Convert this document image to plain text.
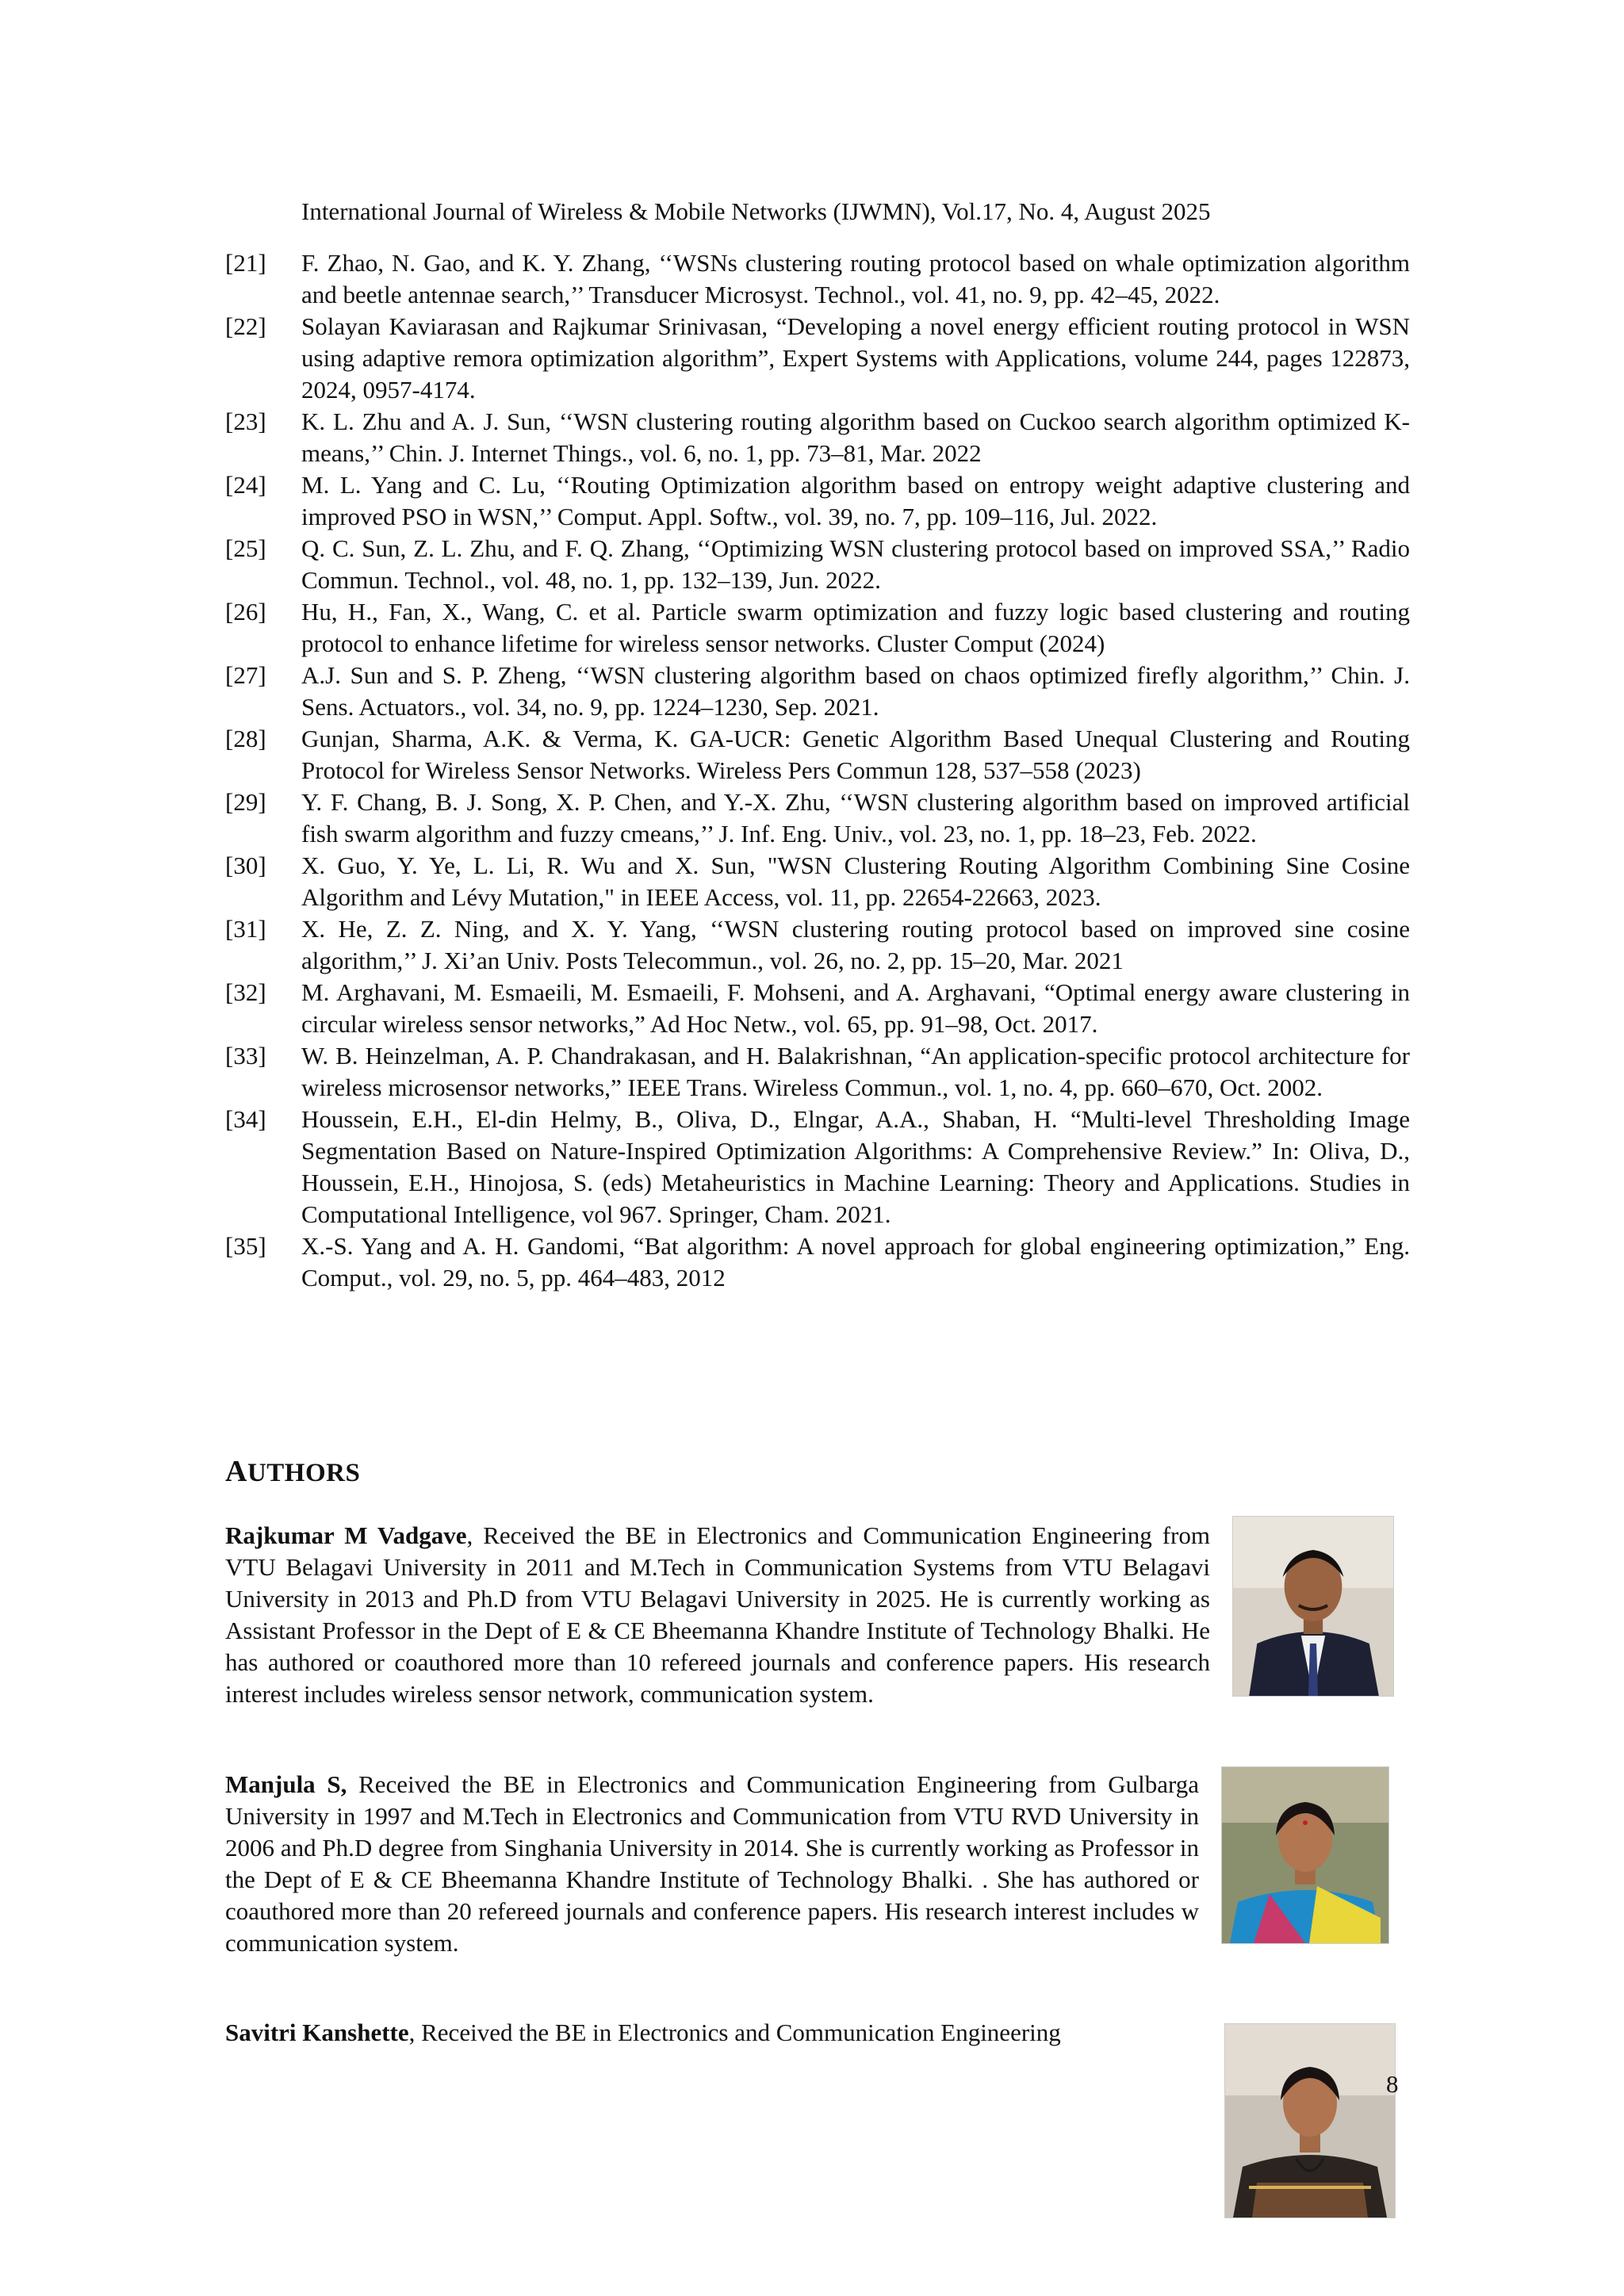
International Journal of Wireless & Mobile Networks (IJWMN), Vol.17, No. 4, August 2025
[21]	F. Zhao, N. Gao, and K. Y. Zhang, ‘‘WSNs clustering routing protocol based on whale optimization algorithm and beetle antennae search,’’ Transducer Microsyst. Technol., vol. 41, no. 9, pp. 42–45, 2022.
[22]	Solayan Kaviarasan and Rajkumar Srinivasan, “Developing a novel energy efficient routing protocol in WSN using adaptive remora optimization algorithm”, Expert Systems with Applications, volume 244, pages 122873, 2024, 0957-4174.
[23]	K. L. Zhu and A. J. Sun, ‘‘WSN clustering routing algorithm based on Cuckoo search algorithm optimized K-means,’’ Chin. J. Internet Things., vol. 6, no. 1, pp. 73–81, Mar. 2022
[24]	M. L. Yang and C. Lu, ‘‘Routing Optimization algorithm based on entropy weight adaptive clustering and improved PSO in WSN,’’ Comput. Appl. Softw., vol. 39, no. 7, pp. 109–116, Jul. 2022.
[25]	Q. C. Sun, Z. L. Zhu, and F. Q. Zhang, ‘‘Optimizing WSN clustering protocol based on improved SSA,’’ Radio Commun. Technol., vol. 48, no. 1, pp. 132–139, Jun. 2022.
[26]	Hu, H., Fan, X., Wang, C. et al. Particle swarm optimization and fuzzy logic based clustering and routing protocol to enhance lifetime for wireless sensor networks. Cluster Comput (2024)
[27]	A.J. Sun and S. P. Zheng, ‘‘WSN clustering algorithm based on chaos optimized firefly algorithm,’’ Chin. J. Sens. Actuators., vol. 34, no. 9, pp. 1224–1230, Sep. 2021.
[28]	Gunjan, Sharma, A.K. & Verma, K. GA-UCR: Genetic Algorithm Based Unequal Clustering and Routing Protocol for Wireless Sensor Networks. Wireless Pers Commun 128, 537–558 (2023)
[29]	Y. F. Chang, B. J. Song, X. P. Chen, and Y.-X. Zhu, ‘‘WSN clustering algorithm based on improved artificial fish swarm algorithm and fuzzy cmeans,’’ J. Inf. Eng. Univ., vol. 23, no. 1, pp. 18–23, Feb. 2022.
[30]	X. Guo, Y. Ye, L. Li, R. Wu and X. Sun, "WSN Clustering Routing Algorithm Combining Sine Cosine Algorithm and Lévy Mutation," in IEEE Access, vol. 11, pp. 22654-22663, 2023.
[31]	X. He, Z. Z. Ning, and X. Y. Yang, ‘‘WSN clustering routing protocol based on improved sine cosine algorithm,’’ J. Xi’an Univ. Posts Telecommun., vol. 26, no. 2, pp. 15–20, Mar. 2021
[32]	M. Arghavani, M. Esmaeili, M. Esmaeili, F. Mohseni, and A. Arghavani, “Optimal energy aware clustering in circular wireless sensor networks,” Ad Hoc Netw., vol. 65, pp. 91–98, Oct. 2017.
[33]	W. B. Heinzelman, A. P. Chandrakasan, and H. Balakrishnan, “An application-specific protocol architecture for wireless microsensor networks,” IEEE Trans. Wireless Commun., vol. 1, no. 4, pp. 660–670, Oct. 2002.
[34]	Houssein, E.H., El-din Helmy, B., Oliva, D., Elngar, A.A., Shaban, H. “Multi-level Thresholding Image Segmentation Based on Nature-Inspired Optimization Algorithms: A Comprehensive Review.” In: Oliva, D., Houssein, E.H., Hinojosa, S. (eds) Metaheuristics in Machine Learning: Theory and Applications. Studies in Computational Intelligence, vol 967. Springer, Cham. 2021.
[35]	X.-S. Yang and A. H. Gandomi, “Bat algorithm: A novel approach for global engineering optimization,” Eng. Comput., vol. 29, no. 5, pp. 464–483, 2012
AUTHORS
Rajkumar M Vadgave, Received the BE in Electronics and Communication Engineering from VTU Belagavi University in 2011 and M.Tech in Communication Systems from VTU Belagavi University in 2013 and Ph.D from VTU Belagavi University in 2025. He is currently working as Assistant Professor in the Dept of E & CE Bheemanna Khandre Institute of Technology Bhalki. He has authored or coauthored more than 10 refereed journals and conference papers. His research interest includes wireless sensor network, communication system.
Manjula S, Received the BE in Electronics and Communication Engineering from Gulbarga University in 1997 and M.Tech in Electronics and Communication from VTU RVD University in 2006 and Ph.D degree from Singhania University in 2014. She is currently working as Professor in the Dept of E & CE Bheemanna Khandre Institute of Technology Bhalki. . She has authored or coauthored more than 20 refereed journals and conference papers. His research interest includes w communication system.
Savitri Kanshette, Received the BE in Electronics and Communication Engineering
8
